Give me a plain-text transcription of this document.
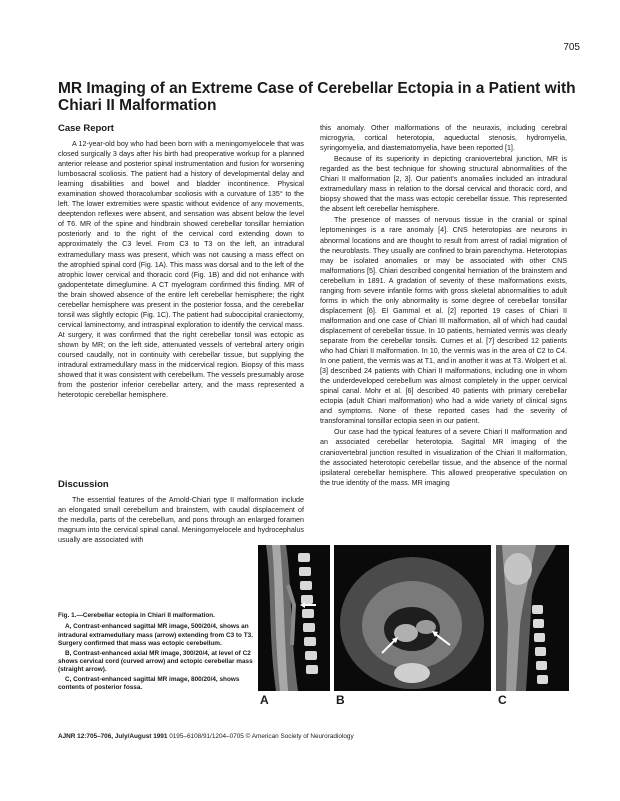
705
MR Imaging of an Extreme Case of Cerebellar Ectopia in a Patient with Chiari II Malformation
Case Report

A 12-year-old boy who had been born with a meningomyelocele that was closed surgically 3 days after his birth had preoperative workup for a planned anterior release and posterior spinal instrumentation and fusion for worsening lumbosacral scoliosis. The patient had a history of developmental delay and learning disabilities and bowel and bladder incontinence. Physical examination showed thoracolumbar scoliosis with a curvature of 135° to the left. The lower extremities were spastic without evidence of any movements, deeptendon reflexes were absent, and sensation was absent below the level of T6. MR of the spine and hindbrain showed cerebellar tonsillar herniation posteriorly and to the right of the cervical cord extending down to approximately the C3 level. From C3 to T3 on the left, an intradural extramedullary mass was present, which was not causing a mass effect on the atrophied spinal cord (Fig. 1A). This mass was dorsal and to the left of the atrophic lower cervical and thoracic cord (Fig. 1B) and did not enhance with gadopentetate dimeglumine. A CT myelogram confirmed this finding. MR of the brain showed absence of the entire left cerebellar hemisphere; the right cerebellar hemisphere was present in the posterior fossa, and the cerebellar tonsil was slightly ectopic (Fig. 1C). The patient had suboccipital craniectomy, cervical laminectomy, and intraspinal exploration to identify the cervical mass. At surgery, it was confirmed that the right cerebellar tonsil was ectopic as shown by MR; on the left side, attenuated vessels of vertebral artery origin coursed caudally, not in continuity with cerebellar tissue, but supplying the intradural extramedullary mass in the midcervical region. Biopsy of this mass showed that it was consistent with cerebellum. The vessels presumably arose from the posterior inferior cerebellar artery, and the mass represented a heterotopic cerebellar hemisphere.

Discussion

The essential features of the Arnold-Chiari type II malformation include an elongated small cerebellum and brainstem, with caudal displacement of the medulla, parts of the cerebellum, and pons through an enlarged foramen magnum into the cervical spinal canal. Meningomyelocele and hydrocephalus usually are associated with

this anomaly. Other malformations of the neuraxis, including cerebral microgyria, cortical heterotopia, aqueductal stenosis, hydromyelia, syringomyelia, and diastematomyelia, have been reported [1].

Because of its superiority in depicting craniovertebral junction, MR is regarded as the best technique for showing structural abnormalities of the Chiari II malformation [2, 3]. Our patient's anomalies included an intradural extramedullary mass in relation to the dorsal cervical and thoracic cord, and biopsy showed that the mass was ectopic cerebellar tissue. This represented the absent left cerebellar hemisphere.

The presence of masses of nervous tissue in the cranial or spinal leptomeninges is a rare anomaly [4]. CNS heterotopias are neurons in abnormal locations and are thought to result from arrest of radial migration of the neuroblasts. They usually are confined to brain parenchyma. Heterotopias may be isolated anomalies or may be associated with other CNS malformations [5]. Chiari described congenital herniation of the brainstem and cerebellum in 1891. A gradation of severity of these malformations exists, ranging from severe infantile forms with gross skeletal abnormalities to adult forms in which the only abnormality is some degree of cerebellar tonsillar displacement [6]. El Gammal et al. [2] reported 19 cases of Chiari II malformation and one case of Chiari III malformation, all of which had caudal displacement of cerebellar tissue. In 10 patients, herniated vermis was clearly separate from the cerebellar tonsils. Curnes et al. [7] described 12 patients who had Chiari II malformation. In 10, the vermis was in the area of C2 to C4. In one patient, the vermis was at T1, and in another it was at T3. Wolpert et al. [3] described 24 patients with Chiari II malformations, including one in whom the underdeveloped cerebellum was almost completely in the upper cervical spinal canal. Mohr et al. [6] described 40 patients with primary cerebellar ectopia (adult Chiari malformation) who had a wide variety of clinical signs and symptoms. None of these reported cases had the severity of transforaminal tonsillar ectopia seen in our patient.

Our case had the typical features of a severe Chiari II malformation and an associated cerebellar heterotopia. Sagittal MR imaging of the craniovertebral junction resulted in visualization of the Chiari II malformation, the associated heterotopic cerebellar tissue, and the absence of the normal ipsilateral cerebellar hemisphere. This allowed preoperative speculation on the true identity of the mass. MR imaging

A	B	C

Fig. 1.—Cerebellar ectopia in Chiari II malformation.

A, Contrast-enhanced sagittal MR image, 500/20/4, shows an intradural extramedullary mass (arrow) extending from C3 to T3. Surgery confirmed that mass was ectopic cerebellum.

B, Contrast-enhanced axial MR image, 300/20/4, at level of C2 shows cervical cord (curved arrow) and ectopic cerebellar mass (straight arrow).

C, Contrast-enhanced sagittal MR image, 800/20/4, shows contents of posterior fossa.

AJNR 12:705–706, July/August 1991 0195–6108/91/1204–0705 © American Society of Neuroradiology
